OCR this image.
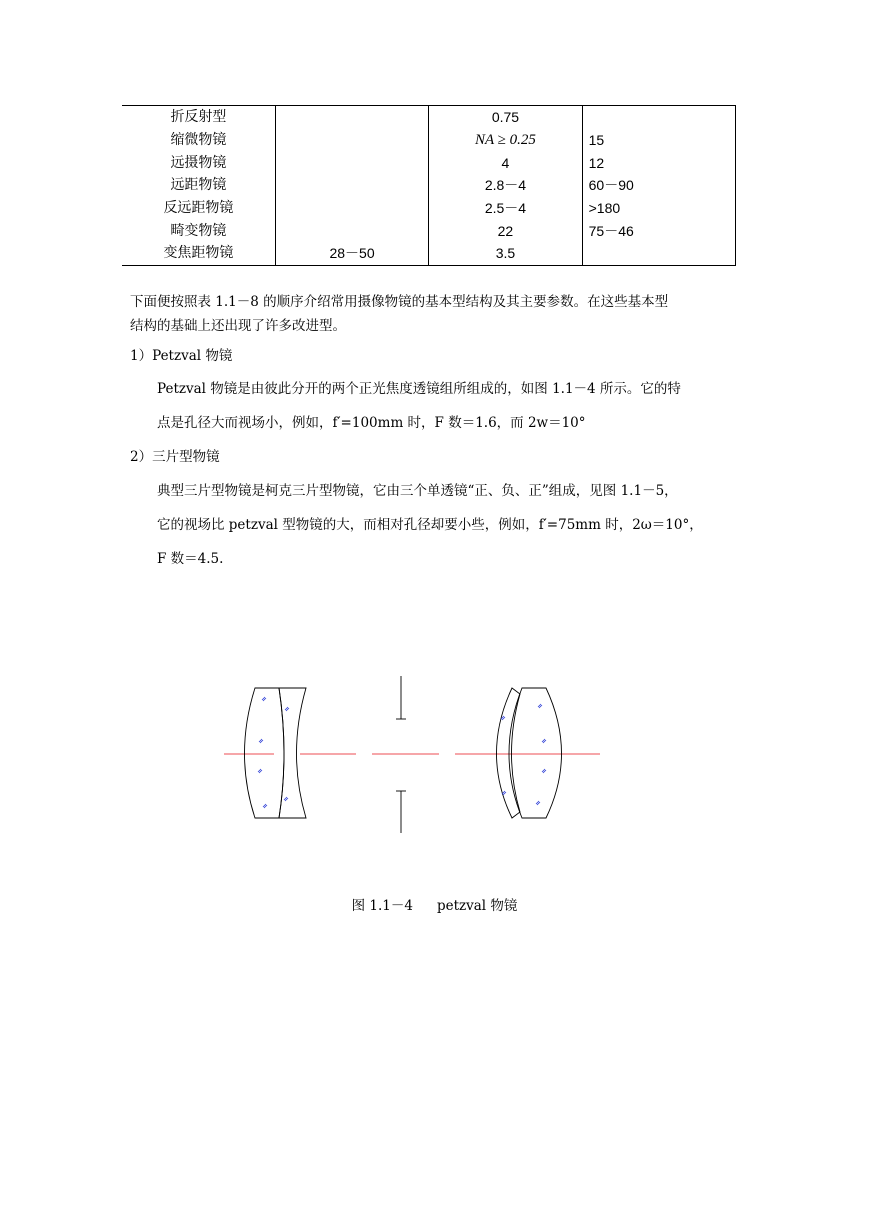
折反射型		0.75	
缩微物镜		NA ≥ 0.25	15
远摄物镜		4	12
远距物镜		2.8－4	60－90
反远距物镜		2.5－4	>180
畸变物镜		22	75－46
变焦距物镜	28－50	3.5	
下面便按照表 1.1－8 的顺序介绍常用摄像物镜的基本型结构及其主要参数。在这些基本型
结构的基础上还出现了许多改进型。
1）Petzval 物镜
Petzval 物镜是由彼此分开的两个正光焦度透镜组所组成的，如图 1.1－4 所示。它的特
点是孔径大而视场小，例如，f′=100mm 时，F 数＝1.6，而 2w＝10°
2）三片型物镜
典型三片型物镜是柯克三片型物镜，它由三个单透镜“正、负、正”组成，见图 1.1－5，
它的视场比 petzval 型物镜的大，而相对孔径却要小些，例如，f′=75mm 时，2ω＝10°，
F 数＝4.5.
图 1.1－4 petzval 物镜
